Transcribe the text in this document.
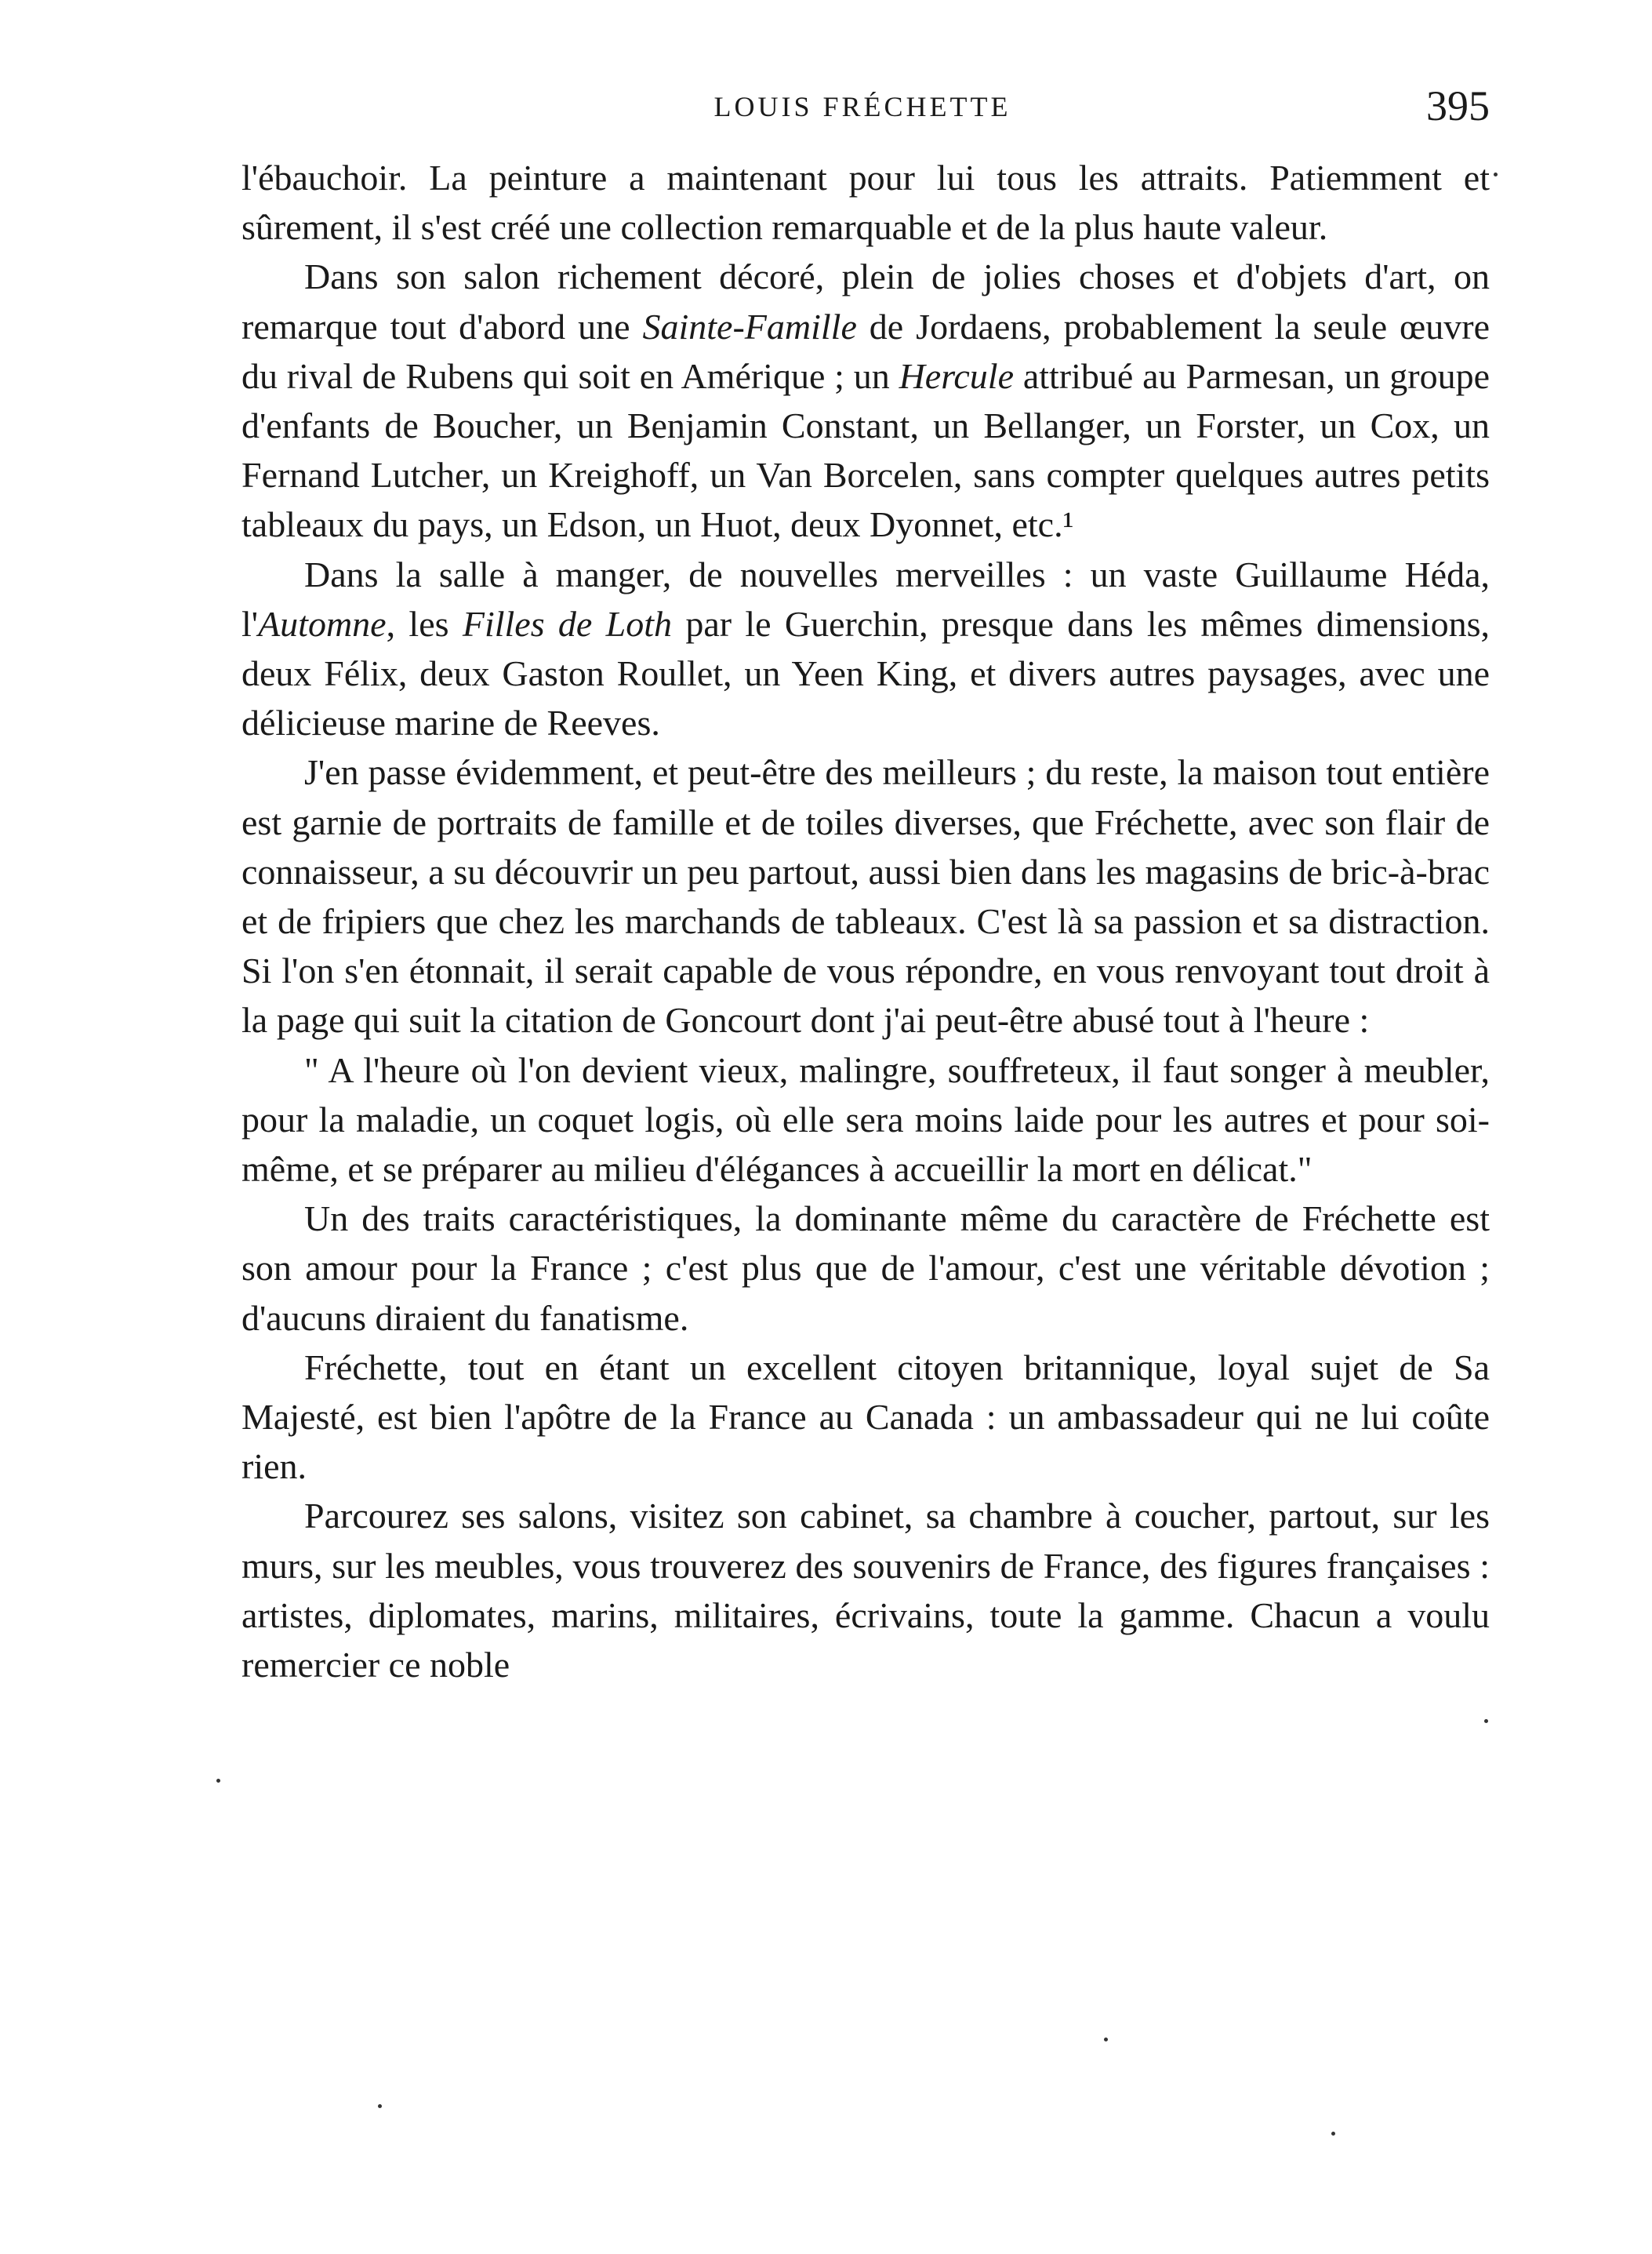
LOUIS FRÉCHETTE	395

l'ébauchoir. La peinture a maintenant pour lui tous les attraits. Patiemment et sûrement, il s'est créé une collection remarquable et de la plus haute valeur.

Dans son salon richement décoré, plein de jolies choses et d'objets d'art, on remarque tout d'abord une Sainte-Famille de Jordaens, probablement la seule œuvre du rival de Rubens qui soit en Amérique ; un Hercule attribué au Parmesan, un groupe d'enfants de Boucher, un Benjamin Constant, un Bellanger, un Forster, un Cox, un Fernand Lutcher, un Kreighoff, un Van Borcelen, sans compter quelques autres petits tableaux du pays, un Edson, un Huot, deux Dyonnet, etc.¹

Dans la salle à manger, de nouvelles merveilles : un vaste Guillaume Héda, l'Automne, les Filles de Loth par le Guerchin, presque dans les mêmes dimensions, deux Félix, deux Gaston Roullet, un Yeen King, et divers autres paysages, avec une délicieuse marine de Reeves.

J'en passe évidemment, et peut-être des meilleurs ; du reste, la maison tout entière est garnie de portraits de famille et de toiles diverses, que Fréchette, avec son flair de connaisseur, a su découvrir un peu partout, aussi bien dans les magasins de bric-à-brac et de fripiers que chez les marchands de tableaux. C'est là sa passion et sa distraction. Si l'on s'en étonnait, il serait capable de vous répondre, en vous renvoyant tout droit à la page qui suit la citation de Goncourt dont j'ai peut-être abusé tout à l'heure :

" A l'heure où l'on devient vieux, malingre, souffreteux, il faut songer à meubler, pour la maladie, un coquet logis, où elle sera moins laide pour les autres et pour soi-même, et se préparer au milieu d'élégances à accueillir la mort en délicat."

Un des traits caractéristiques, la dominante même du caractère de Fréchette est son amour pour la France ; c'est plus que de l'amour, c'est une véritable dévotion ; d'aucuns diraient du fanatisme.

Fréchette, tout en étant un excellent citoyen britannique, loyal sujet de Sa Majesté, est bien l'apôtre de la France au Canada : un ambassadeur qui ne lui coûte rien.

Parcourez ses salons, visitez son cabinet, sa chambre à coucher, partout, sur les murs, sur les meubles, vous trouverez des souvenirs de France, des figures françaises : artistes, diplomates, marins, militaires, écrivains, toute la gamme. Chacun a voulu remercier ce noble
